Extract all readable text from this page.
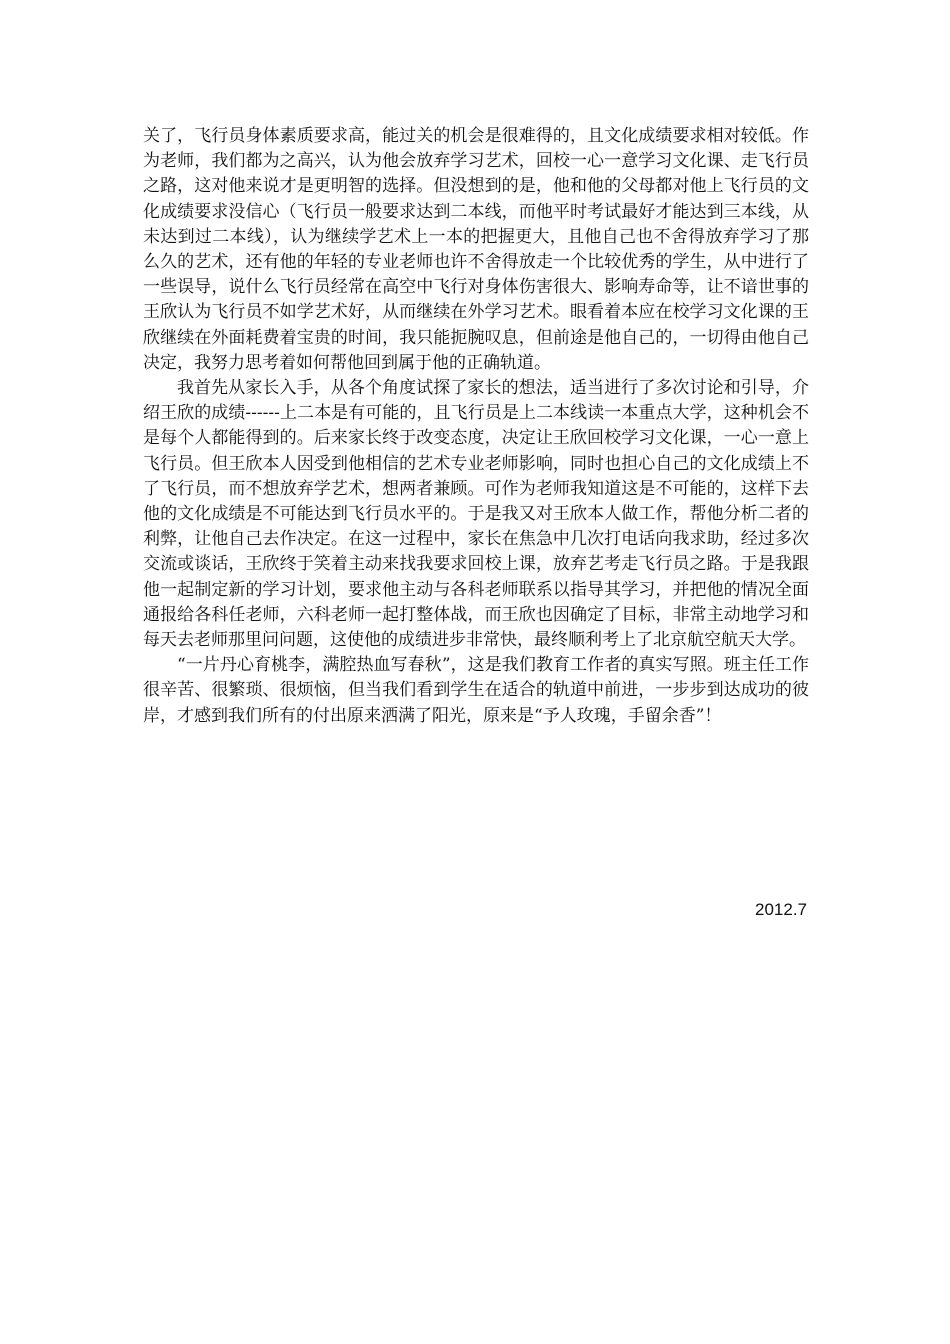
关了，飞行员身体素质要求高，能过关的机会是很难得的，且文化成绩要求相对较低。作为老师，我们都为之高兴，认为他会放弃学习艺术，回校一心一意学习文化课、走飞行员之路，这对他来说才是更明智的选择。但没想到的是，他和他的父母都对他上飞行员的文化成绩要求没信心（飞行员一般要求达到二本线，而他平时考试最好才能达到三本线，从未达到过二本线），认为继续学艺术上一本的把握更大，且他自己也不舍得放弃学习了那么久的艺术，还有他的年轻的专业老师也许不舍得放走一个比较优秀的学生，从中进行了一些误导，说什么飞行员经常在高空中飞行对身体伤害很大、影响寿命等，让不谙世事的王欣认为飞行员不如学艺术好，从而继续在外学习艺术。眼看着本应在校学习文化课的王欣继续在外面耗费着宝贵的时间，我只能扼腕叹息，但前途是他自己的，一切得由他自己决定，我努力思考着如何帮他回到属于他的正确轨道。

我首先从家长入手，从各个角度试探了家长的想法，适当进行了多次讨论和引导，介绍王欣的成绩------上二本是有可能的，且飞行员是上二本线读一本重点大学，这种机会不是每个人都能得到的。后来家长终于改变态度，决定让王欣回校学习文化课，一心一意上飞行员。但王欣本人因受到他相信的艺术专业老师影响，同时也担心自己的文化成绩上不了飞行员，而不想放弃学艺术，想两者兼顾。可作为老师我知道这是不可能的，这样下去他的文化成绩是不可能达到飞行员水平的。于是我又对王欣本人做工作，帮他分析二者的利弊，让他自己去作决定。在这一过程中，家长在焦急中几次打电话向我求助，经过多次交流或谈话，王欣终于笑着主动来找我要求回校上课，放弃艺考走飞行员之路。于是我跟他一起制定新的学习计划，要求他主动与各科老师联系以指导其学习，并把他的情况全面通报给各科任老师，六科老师一起打整体战，而王欣也因确定了目标，非常主动地学习和每天去老师那里问问题，这使他的成绩进步非常快，最终顺利考上了北京航空航天大学。

“一片丹心育桃李，满腔热血写春秋”，这是我们教育工作者的真实写照。班主任工作很辛苦、很繁琐、很烦恼，但当我们看到学生在适合的轨道中前进，一步步到达成功的彼岸，才感到我们所有的付出原来洒满了阳光，原来是“予人玫瑰，手留余香”！

2012.7
